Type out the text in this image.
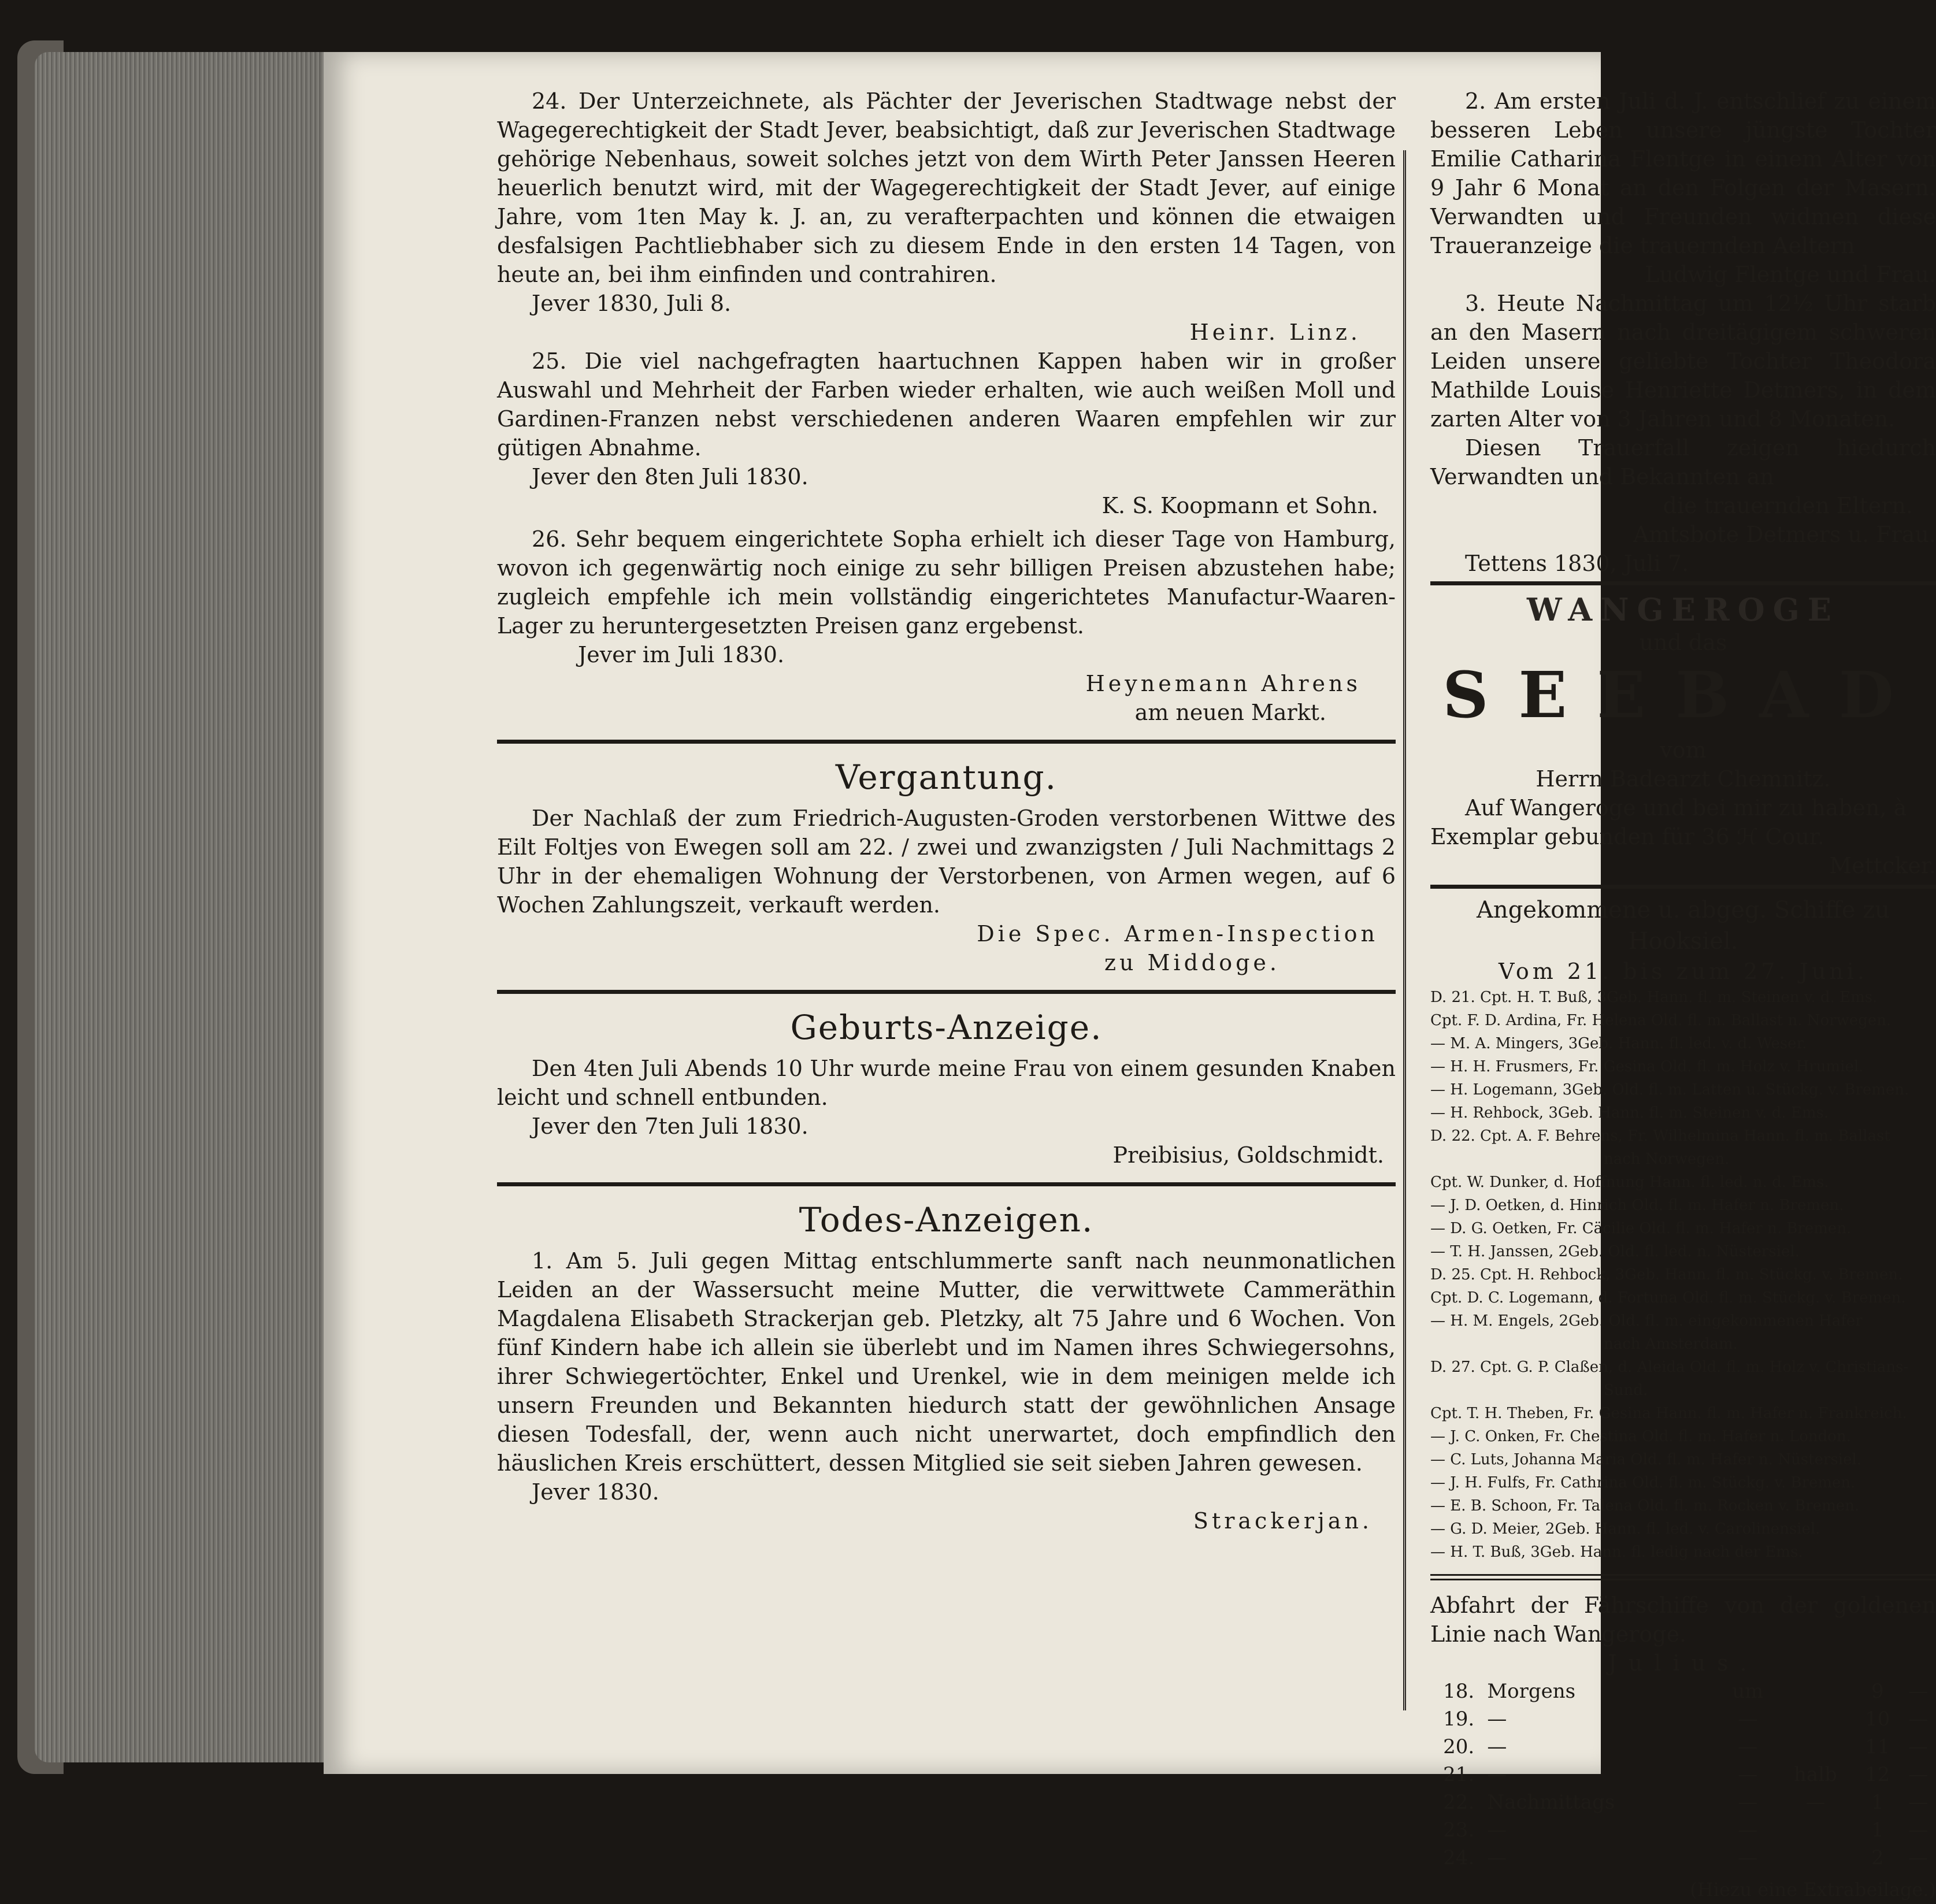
24. Der Unterzeichnete, als Pächter der Jeverischen Stadtwage nebst der Wagegerechtigkeit der Stadt Jever, beabsichtigt, daß zur Jeverischen Stadtwage gehörige Nebenhaus, soweit solches jetzt von dem Wirth Peter Janssen Heeren heuerlich benutzt wird, mit der Wagegerechtigkeit der Stadt Jever, auf einige Jahre, vom 1ten May k. J. an, zu verafterpachten und können die etwaigen desfalsigen Pachtliebhaber sich zu diesem Ende in den ersten 14 Tagen, von heute an, bei ihm einfinden und contrahiren.

Jever 1830, Juli 8.

Heinr. Linz.

25. Die viel nachgefragten haartuchnen Kappen haben wir in großer Auswahl und Mehrheit der Farben wieder erhalten, wie auch weißen Moll und Gardinen-Franzen nebst verschiedenen anderen Waaren empfehlen wir zur gütigen Abnahme.

Jever den 8ten Juli 1830.

K. S. Koopmann et Sohn.

26. Sehr bequem eingerichtete Sopha erhielt ich dieser Tage von Hamburg, wovon ich gegenwärtig noch einige zu sehr billigen Preisen abzustehen habe; zugleich empfehle ich mein vollständig eingerichtetes Manufactur-Waaren-Lager zu heruntergesetzten Preisen ganz ergebenst.

Jever im Juli 1830.

Heynemann Ahrens

am neuen Markt.

Vergantung.

Der Nachlaß der zum Friedrich-Augusten-Groden verstorbenen Wittwe des Eilt Foltjes von Ewegen soll am 22. / zwei und zwanzigsten / Juli Nachmittags 2 Uhr in der ehemaligen Wohnung der Verstorbenen, von Armen wegen, auf 6 Wochen Zahlungszeit, verkauft werden.

Die Spec. Armen-Inspection

zu Middoge.

Geburts-Anzeige.

Den 4ten Juli Abends 10 Uhr wurde meine Frau von einem gesunden Knaben leicht und schnell entbunden.

Jever den 7ten Juli 1830.

Preibisius, Goldschmidt.

Todes-Anzeigen.

1. Am 5. Juli gegen Mittag entschlummerte sanft nach neunmonatlichen Leiden an der Wassersucht meine Mutter, die verwittwete Cammeräthin Magdalena Elisabeth Strackerjan geb. Pletzky, alt 75 Jahre und 6 Wochen. Von fünf Kindern habe ich allein sie überlebt und im Namen ihres Schwiegersohns, ihrer Schwiegertöchter, Enkel und Urenkel, wie in dem meinigen melde ich unsern Freunden und Bekannten hiedurch statt der gewöhnlichen Ansage diesen Todesfall, der, wenn auch nicht unerwartet, doch empfindlich den häuslichen Kreis erschüttert, dessen Mitglied sie seit sieben Jahren gewesen.

Jever 1830.

Strackerjan.

2. Am ersten Juli d. J. entschlief zu einem besseren Leben unsere jüngste Tochter Emilie Catharina Flentge in einem Alter von 9 Jahr 6 Monat an den Folgen der Masern. Verwandten und Freunden widmen diese Traueranzeige die trauernden Aeltern

Ludwig Flentge und Frau.

3. Heute Nachmittag um 12½ Uhr starb an den Masern nach dreitägigem schweren Leiden unsere geliebte Tochter Theodora Mathilde Louise Henriette Detmers, in dem zarten Alter von 3 Jahren und 8 Monaten.

Diesen Trauerfall zeigen hiedurch Verwandten und Bekannten an

die trauernden Eltern.

Amtsbote Detmers u. Frau.

Tettens 1830, Juli 7.

WANGEROGE

und das

SEEBAD

vom

Herrn Badearzt Chemnitz.

Auf Wangeroge und bei mir zu haben, à

Exemplar gebunden für 36 ℋ Cour.

Mettcker.

Angekommene u. abgeg. Schiffe zu Hooksiel.

Vom 21. bis zum 27. Juni.

D. 21. Cpt. H. T. Buß, 3Geb. Hann. fl. m. Steinen v. d. Ems.
Cpt. F. D. Ardina, Fr. Helena Old. fl. m. Ballast n. Norwegen.
— M. A. Mingers, 3Geb. Hann. fl. led. v. d. Weser.
— H. H. Frusmers, Fr. Gesina Old. fl. m. Holz v. Hrumiel.
— H. Logemann, 3Geb. Old. fl. m. Latten u. Stückg. v. Bremen.
— H. Rehbock, 3Geb. Hann. fl. m. Steinen v. d. Ems.
D. 22. Cpt. A. F. Behrens, Fr. Wilhelmina Hann. fl. m. Ballast
nach Norwegen.
Cpt. W. Dunker, d. Hoffnung Hann. fl. led. n. d. Ems.
— J. D. Oetken, d. Hinrich Old. fl. m. Hafer n. Bremen.
— D. G. Oetken, Fr. Cäcilie Old. fl. m. Hafer n. Bremen.
— T. H. Janssen, 2Geb. Old. fl. led. n. Nüstersiel.
D. 25. Cpt. H. Rehbock, 3Geb. Hann. fl. m. Stückg. v. Bremen.
Cpt. D. C. Logemann, d. Fortuna Old. fl. m. Stückg. v. Bremen.
— H. M. Engels, 2Geb. Old. fl. m. eingekommenen Hafer
nach Amsterdam.
D. 27. Cpt. G. P. Claßen, d. Aleida Old. fl. m. Holz v. Christians-
Sund.
Cpt. T. H. Theben, Fr. Gesina Hann. fl. m. Hafer n. Frankreich.
— J. C. Onken, Fr. Chestina Old. fl. m. Hafer n. London.
— C. Luts, Johanna Maria Old. fl. m. Hafer n. Nüstersiel.
— J. H. Fulfs, Fr. Cathrina Old. fl. m. Stückg. v. Bremen.
— E. B. Schoon, Fr. Talena Old. fl. m. Rocken v. Bremen.
— G. D. Meier, 2Geb. Hann. fl. led. v. Carolinensiel.
— H. T. Buß, 3Geb. Hann. fl. ledig nach der Ems.

Abfahrt der Fährschiffe von der goldenen Linie nach Wangeroge.

Julius.

18.	Morgens	um		9	—
19.	—	—		10	—
20.	—	—		11	—
21.	—	—	halb	12	—
22.	Nachmittags	—	—	1	—
23.	—	—		1	—
24.	—	—		2	—

(Hiezu eine Extrabeilage.)
